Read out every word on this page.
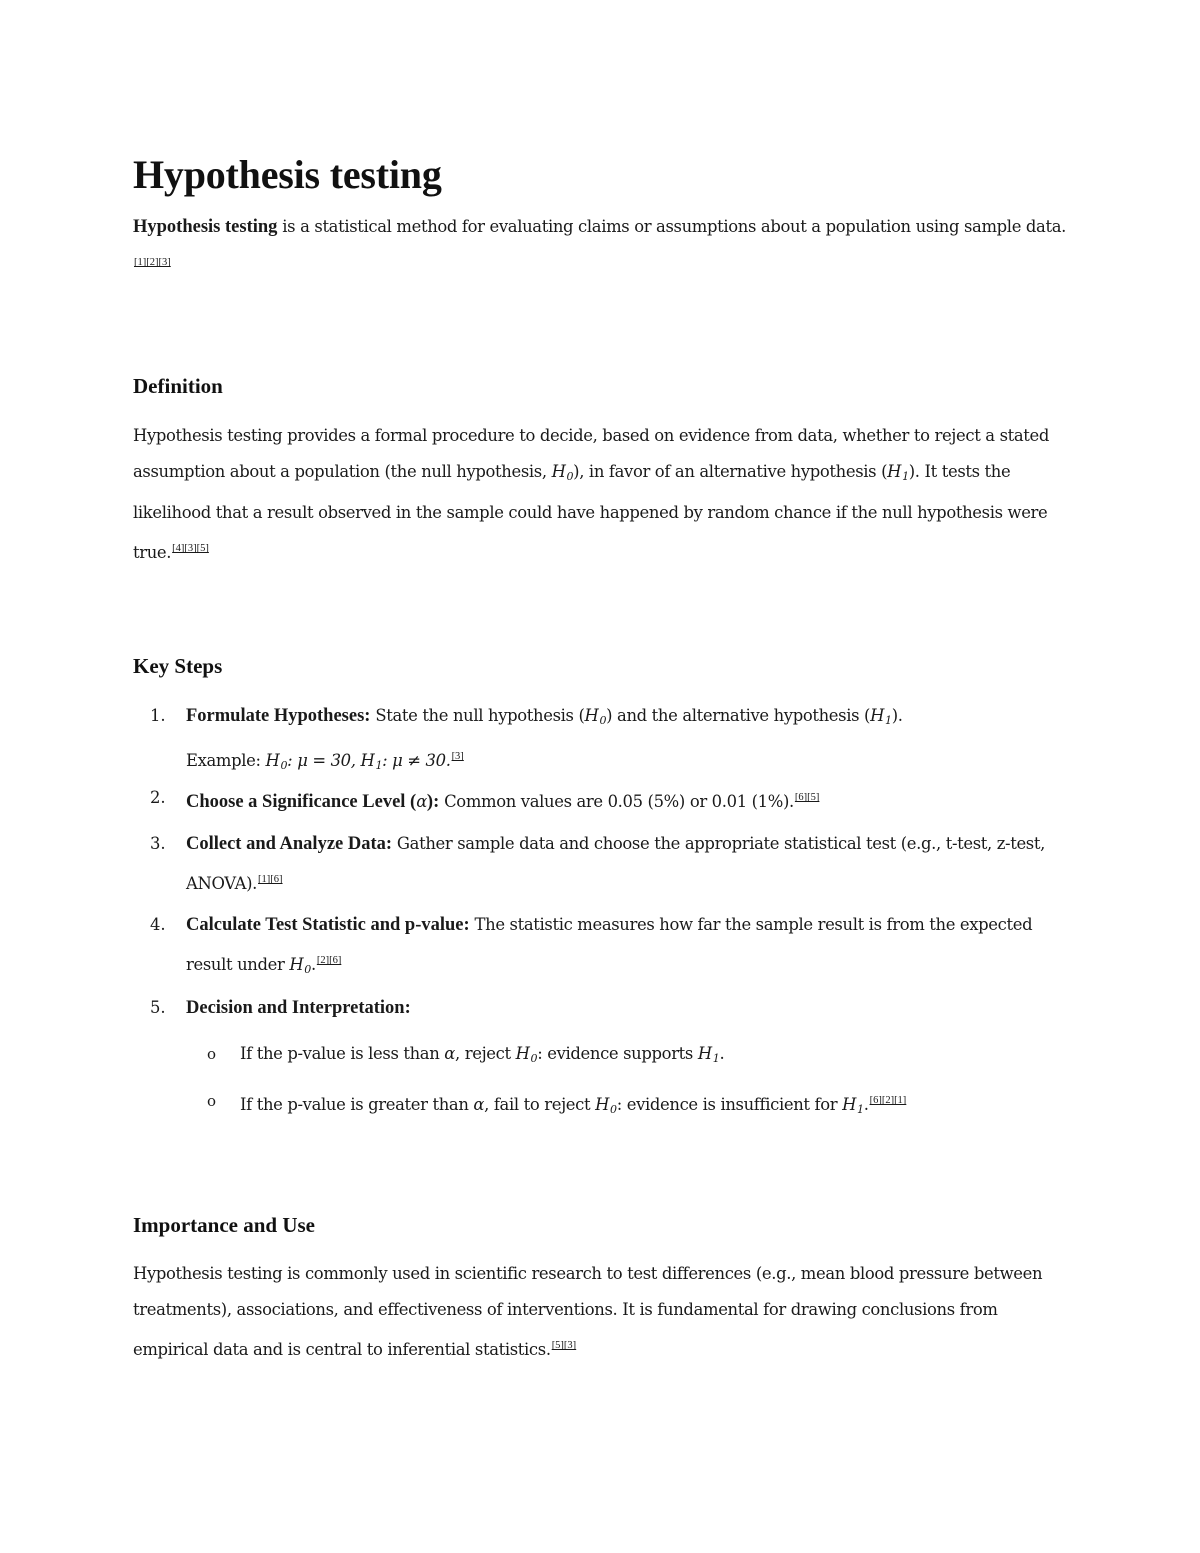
Hypothesis testing

Hypothesis testing is a statistical method for evaluating claims or assumptions about a population using sample data.[1][2][3]

Definition

Hypothesis testing provides a formal procedure to decide, based on evidence from data, whether to reject a stated assumption about a population (the null hypothesis, $H_0$), in favor of an alternative hypothesis $(H_1)$. It tests the likelihood that a result observed in the sample could have happened by random chance if the null hypothesis were true.[4][3][5]

Key Steps
1.	Formulate Hypotheses: State the null hypothesis $(H_0)$ and the alternative hypothesis $(H_1)$.
Example: $H_0$: μ = 30, $H_1$: μ ≠ 30.[3]

2.	Choose a Significance Level (α): Common values are 0.05 (5%) or 0.01 (1%).[6][5]

3.	Collect and Analyze Data: Gather sample data and choose the appropriate statistical test (e.g., t-test, z-test, ANOVA).[1][6]

4.	Calculate Test Statistic and p-value: The statistic measures how far the sample result is from the expected result under $H_0.[2][6]$

5.	Decision and Interpretation:

o If the p-value is less than α, reject $H_0$: evidence supports $H_1$.

o If the p-value is greater than α, fail to reject $H_0$: evidence is insufficient for $H_1.[6][2][1]$

Importance and Use

Hypothesis testing is commonly used in scientific research to test differences (e.g., mean blood pressure between treatments), associations, and effectiveness of interventions. It is fundamental for drawing conclusions from empirical data and is central to inferential statistics.[5][3]
